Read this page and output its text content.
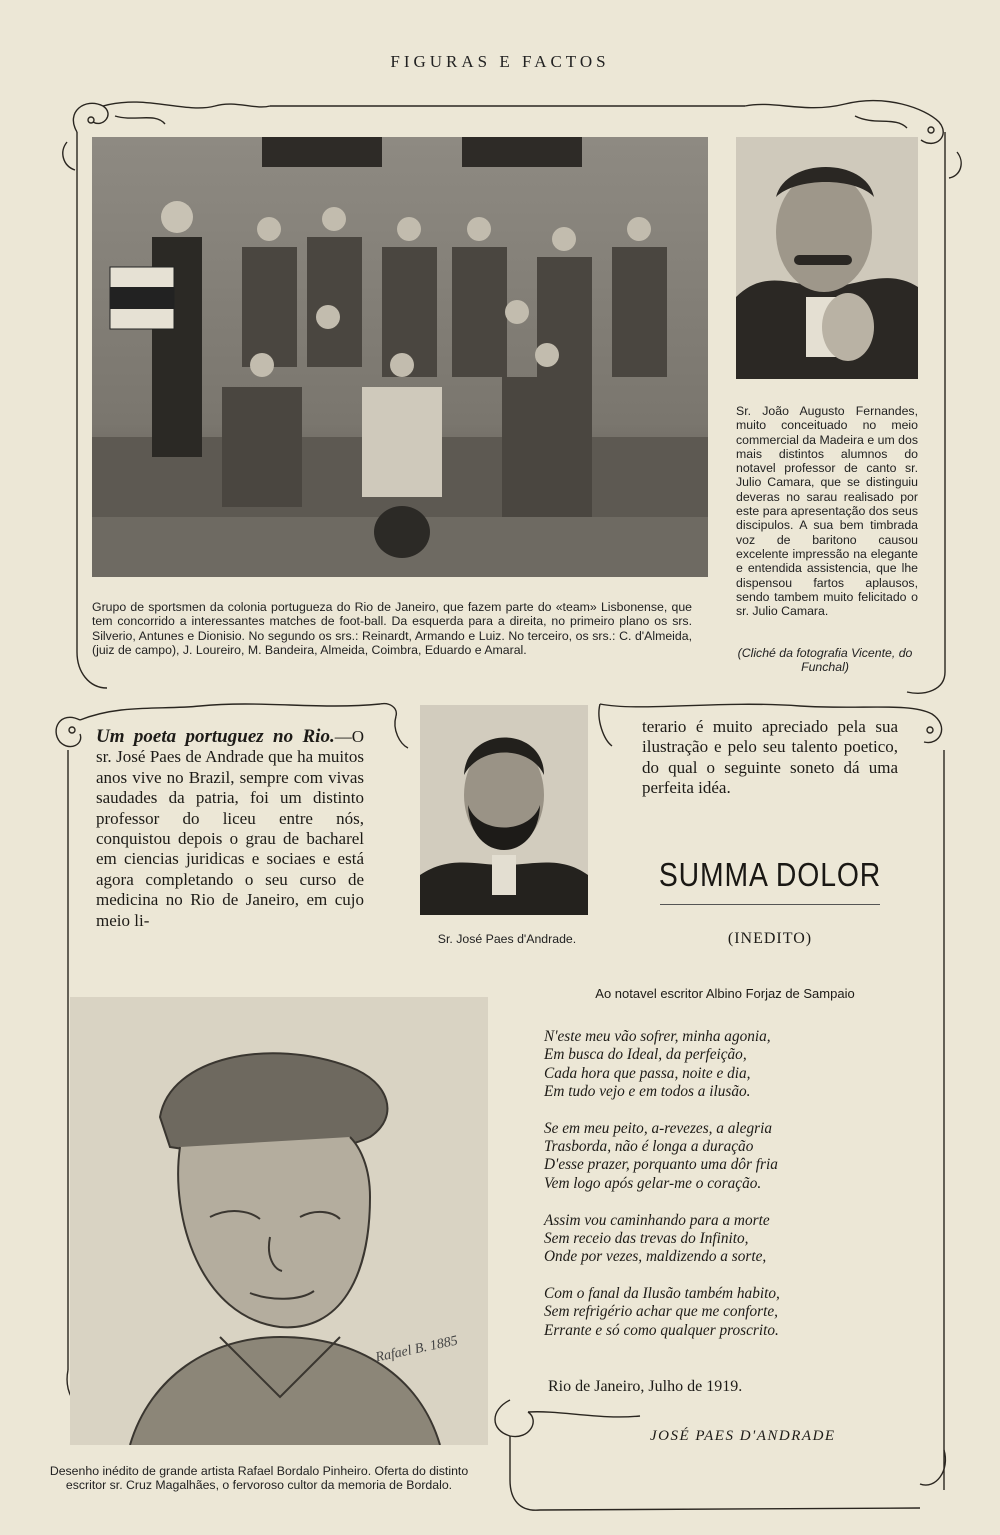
FIGURAS E FACTOS
Grupo de sportsmen da colonia portugueza do Rio de Janeiro, que fazem parte do «team» Lisbonense, que tem concorrido a interessantes matches de foot-ball. Da esquerda para a direita, no primeiro plano os srs. Silverio, Antunes e Dionisio. No segundo os srs.: Reinardt, Armando e Luiz. No terceiro, os srs.: C. d'Almeida, (juiz de campo), J. Loureiro, M. Bandeira, Almeida, Coimbra, Eduardo e Amaral.
Sr. João Augusto Fernandes, muito conceituado no meio commercial da Madeira e um dos mais distintos alumnos do notavel professor de canto sr. Julio Camara, que se distinguiu deveras no sarau realisado por este para apresentação dos seus discipulos. A sua bem timbrada voz de baritono causou excelente impressão na elegante e entendida assistencia, que lhe dispensou fartos aplausos, sendo tambem muito felicitado o sr. Julio Camara.
(Cliché da fotografia Vicente, do Funchal)
Um poeta portuguez no Rio.—O sr. José Paes de Andrade que ha muitos anos vive no Brazil, sempre com vivas saudades da patria, foi um distinto professor do liceu entre nós, conquistou depois o grau de bacharel em ciencias juridicas e sociaes e está agora completando o seu curso de medicina no Rio de Janeiro, em cujo meio li-
Sr. José Paes d'Andrade.
terario é muito apreciado pela sua ilustração e pelo seu talento poetico, do qual o seguinte soneto dá uma perfeita idéa.
SUMMA DOLOR
(INEDITO)
Ao notavel escritor Albino Forjaz de Sampaio
N'este meu vão sofrer, minha agonia,
Em busca do Ideal, da perfeição,
Cada hora que passa, noite e dia,
Em tudo vejo e em todos a ilusão.
Se em meu peito, a-revezes, a alegria
Trasborda, não é longa a duração
D'esse prazer, porquanto uma dôr fria
Vem logo após gelar-me o coração.
Assim vou caminhando para a morte
Sem receio das trevas do Infinito,
Onde por vezes, maldizendo a sorte,
Com o fanal da Ilusão também habito,
Sem refrigério achar que me conforte,
Errante e só como qualquer proscrito.
Rio de Janeiro, Julho de 1919.
JOSÉ PAES D'ANDRADE
Rafael B. 1885
Desenho inédito de grande artista Rafael Bordalo Pinheiro. Oferta do distinto escritor sr. Cruz Magalhães, o fervoroso cultor da memoria de Bordalo.
